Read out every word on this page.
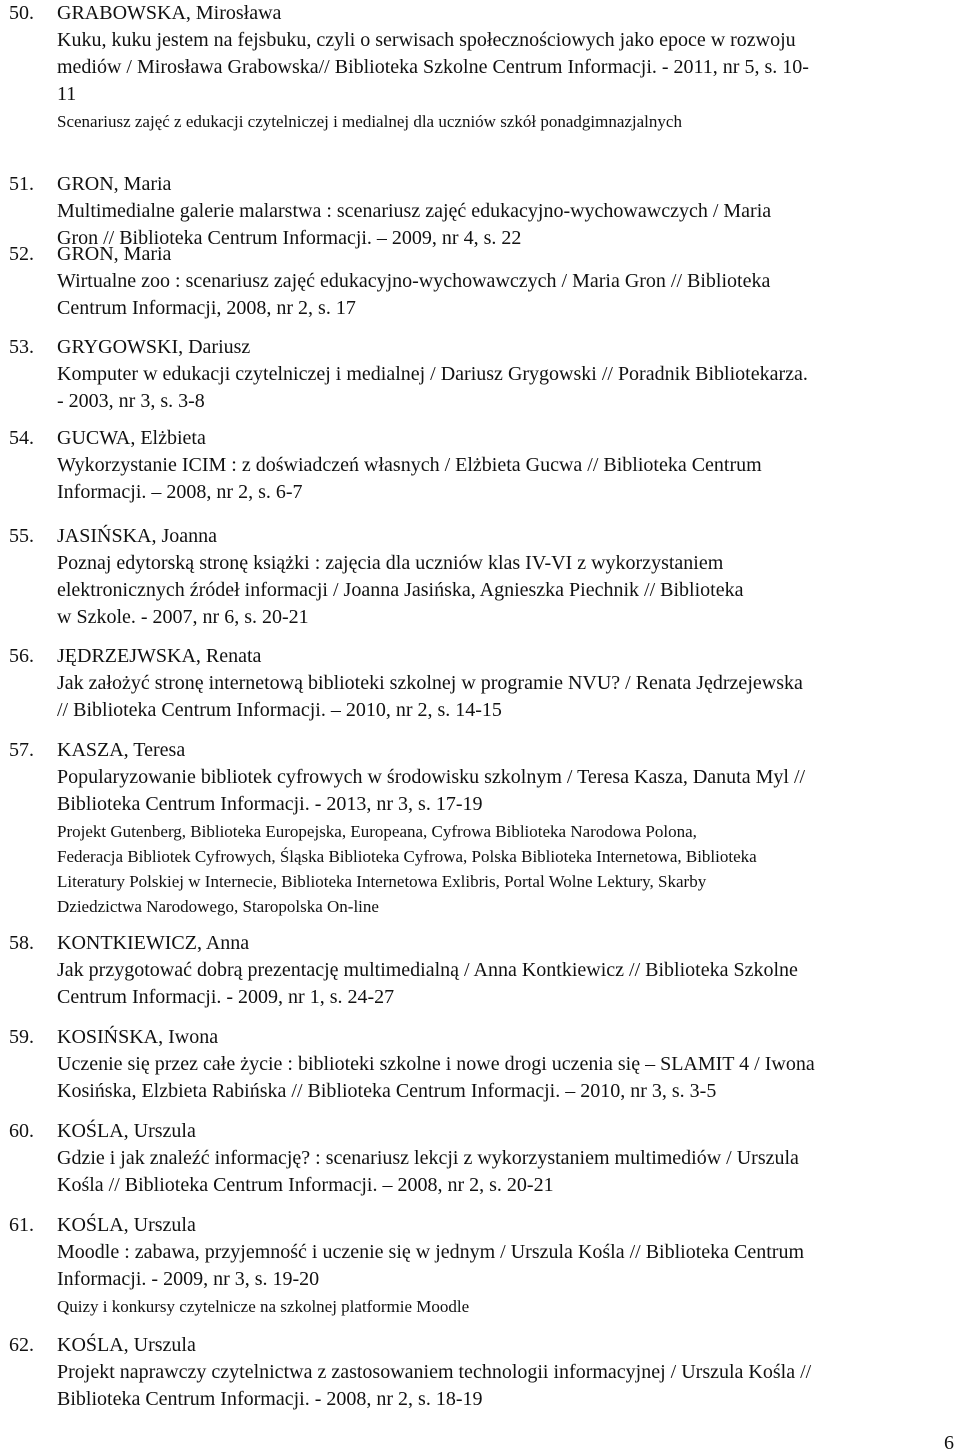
50. GRABOWSKA, Mirosława
Kuku, kuku jestem na fejsbuku, czyli o serwisach społecznościowych jako epoce w rozwoju
mediów / Mirosława Grabowska// Biblioteka Szkolne Centrum Informacji. - 2011, nr 5, s. 10-
11
Scenariusz zajęć z edukacji czytelniczej i medialnej dla uczniów szkół ponadgimnazjalnych
51. GRON, Maria
Multimedialne galerie malarstwa : scenariusz zajęć edukacyjno-wychowawczych / Maria
Gron // Biblioteka Centrum Informacji. – 2009, nr 4, s. 22
52. GRON, Maria
Wirtualne zoo : scenariusz zajęć edukacyjno-wychowawczych / Maria Gron // Biblioteka
Centrum Informacji, 2008, nr 2, s. 17
53. GRYGOWSKI, Dariusz
Komputer w edukacji czytelniczej i medialnej / Dariusz Grygowski // Poradnik Bibliotekarza.
- 2003, nr 3, s. 3-8
54. GUCWA, Elżbieta
Wykorzystanie ICIM : z doświadczeń własnych / Elżbieta Gucwa // Biblioteka Centrum
Informacji. – 2008, nr 2, s. 6-7
55. JASIŃSKA, Joanna
Poznaj edytorską stronę książki : zajęcia dla uczniów klas IV-VI z wykorzystaniem
elektronicznych źródeł informacji / Joanna Jasińska, Agnieszka Piechnik // Biblioteka
w Szkole. - 2007, nr 6, s. 20-21
56. JĘDRZEJWSKA, Renata
Jak założyć stronę internetową biblioteki szkolnej w programie NVU? / Renata Jędrzejewska
// Biblioteka Centrum Informacji. – 2010, nr 2, s. 14-15
57. KASZA, Teresa
Popularyzowanie bibliotek cyfrowych w środowisku szkolnym / Teresa Kasza, Danuta Myl //
Biblioteka Centrum Informacji. - 2013, nr 3, s. 17-19
Projekt Gutenberg, Biblioteka Europejska, Europeana, Cyfrowa Biblioteka Narodowa Polona,
Federacja Bibliotek Cyfrowych, Śląska Biblioteka Cyfrowa, Polska Biblioteka Internetowa, Biblioteka
Literatury Polskiej w Internecie, Biblioteka Internetowa Exlibris, Portal Wolne Lektury, Skarby
Dziedzictwa Narodowego, Staropolska On-line
58. KONTKIEWICZ, Anna
Jak przygotować dobrą prezentację multimedialną / Anna Kontkiewicz // Biblioteka Szkolne
Centrum Informacji. - 2009, nr 1, s. 24-27
59. KOSIŃSKA, Iwona
Uczenie się przez całe życie : biblioteki szkolne i nowe drogi uczenia się – SLAMIT 4 / Iwona
Kosińska, Elzbieta Rabińska // Biblioteka Centrum Informacji. – 2010, nr 3, s. 3-5
60. KOŚLA, Urszula
Gdzie i jak znaleźć informację? : scenariusz lekcji z wykorzystaniem multimediów / Urszula
Kośla // Biblioteka Centrum Informacji. – 2008, nr 2, s. 20-21
61. KOŚLA, Urszula
Moodle : zabawa, przyjemność i uczenie się w jednym / Urszula Kośla // Biblioteka Centrum
Informacji. - 2009, nr 3, s. 19-20
Quizy i konkursy czytelnicze na szkolnej platformie Moodle
62. KOŚLA, Urszula
Projekt naprawczy czytelnictwa z zastosowaniem technologii informacyjnej / Urszula Kośla //
Biblioteka Centrum Informacji. - 2008, nr 2, s. 18-19
6
